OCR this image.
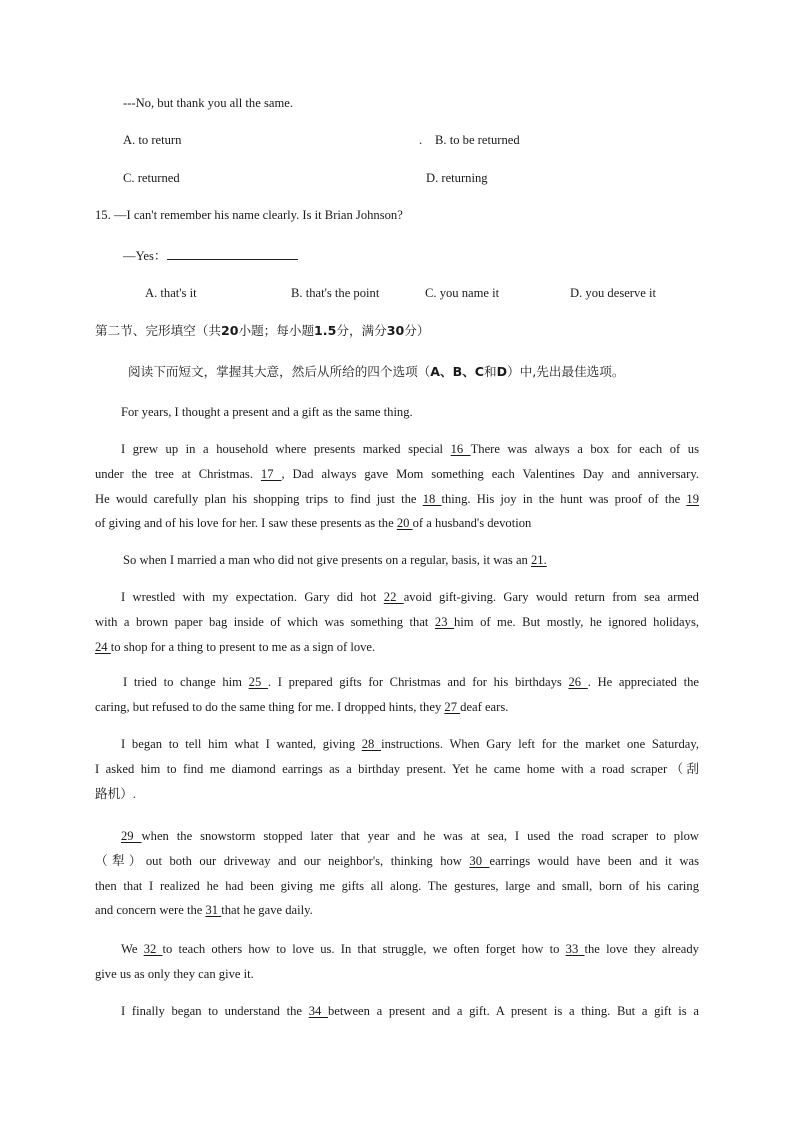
---No, but thank you all the same.
A. to return	. B. to be returned
C. returned	D. returning
15. —I can't remember his name clearly. Is it Brian Johnson?
—Yes：
A. that's it	B. that's the point	C. you name it	D. you deserve it
第二节、完形填空（共20小题；每小题1.5分，满分30分）
阅读下而短文，掌握其大意，然后从所给的四个选项（A、B、C和D）中,先出最佳选项。
For years, I thought a present and a gift as the same thing.
I grew up in a household where presents marked special 16 There was always a box for each of us
under the tree at Christmas. 17 , Dad always gave Mom something each Valentines Day and anniversary.
He would carefully plan his shopping trips to find just the 18 thing. His joy in the hunt was proof of the 19
of giving and of his love for her. I saw these presents as the 20 of a husband's devotion
So when I married a man who did not give presents on a regular, basis, it was an 21.
I wrestled with my expectation. Gary did hot 22 avoid gift-giving. Gary would return from sea armed
with a brown paper bag inside of which was something that 23 him of me. But mostly, he ignored holidays,
24 to shop for a thing to present to me as a sign of love.
I tried to change him 25 . I prepared gifts for Christmas and for his birthdays 26 . He appreciated the
caring, but refused to do the same thing for me. I dropped hints, they 27 deaf ears.
I began to tell him what I wanted, giving 28 instructions. When Gary left for the market one Saturday,
I asked him to find me diamond earrings as a birthday present. Yet he came home with a road scraper（刮
路机）.
29 when the snowstorm stopped later that year and he was at sea, I used the road scraper to plow
（犁）out both our driveway and our neighbor's, thinking how 30 earrings would have been and it was
then that I realized he had been giving me gifts all along. The gestures, large and small, born of his caring
and concern were the 31 that he gave daily.
We 32 to teach others how to love us. In that struggle, we often forget how to 33 the love they already
give us as only they can give it.
I finally began to understand the 34 between a present and a gift. A present is a thing. But a gift is a
